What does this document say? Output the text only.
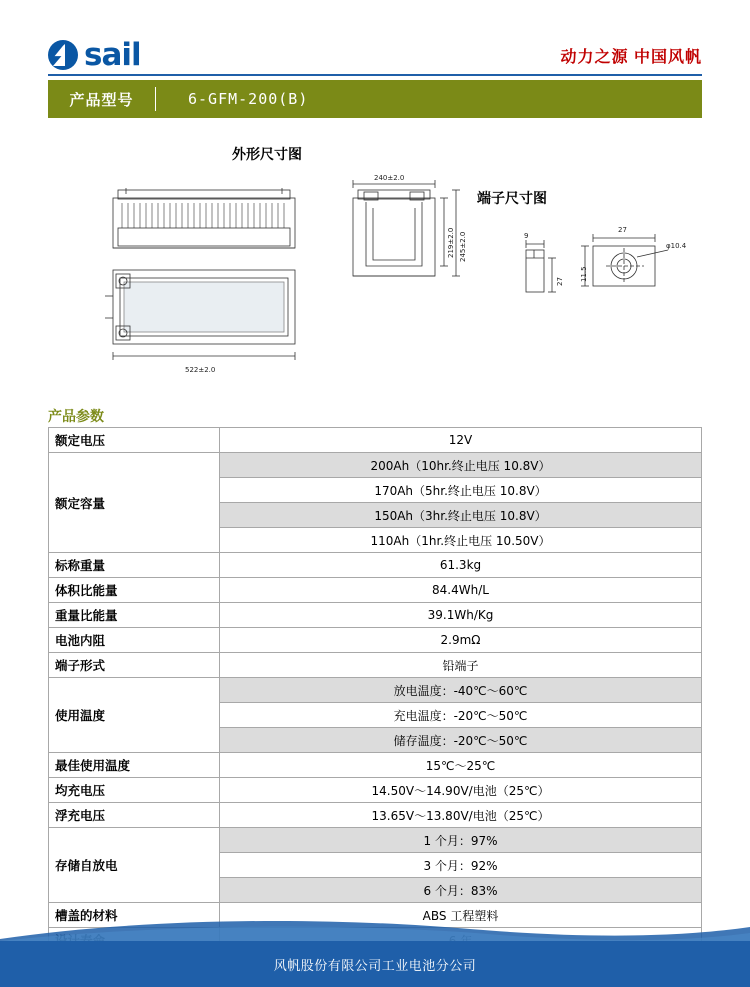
sail	动力之源 中国风帆
产品型号	6-GFM-200(B)
外形尺寸图
端子尺寸图
522±2.0
240±2.0
219±2.0 245±2.0	9
27
27
11.5
φ10.4
产品参数
额定电压	12V
额定容量	200Ah（10hr.终止电压 10.8V）
	170Ah（5hr.终止电压 10.8V）
	150Ah（3hr.终止电压 10.8V）
	110Ah（1hr.终止电压 10.50V）
标称重量	61.3kg
体积比能量	84.4Wh/L
重量比能量	39.1Wh/Kg
电池内阻	2.9mΩ
端子形式	铅端子
使用温度	放电温度：-40℃～60℃
	充电温度：-20℃～50℃
	储存温度：-20℃～50℃
最佳使用温度	15℃～25℃
均充电压	14.50V～14.90V/电池（25℃）
浮充电压	13.65V～13.80V/电池（25℃）
存储自放电	1 个月：97%
	3 个月：92%
	6 个月：83%
槽盖的材料	ABS 工程塑料

风帆股份有限公司工业电池分公司
